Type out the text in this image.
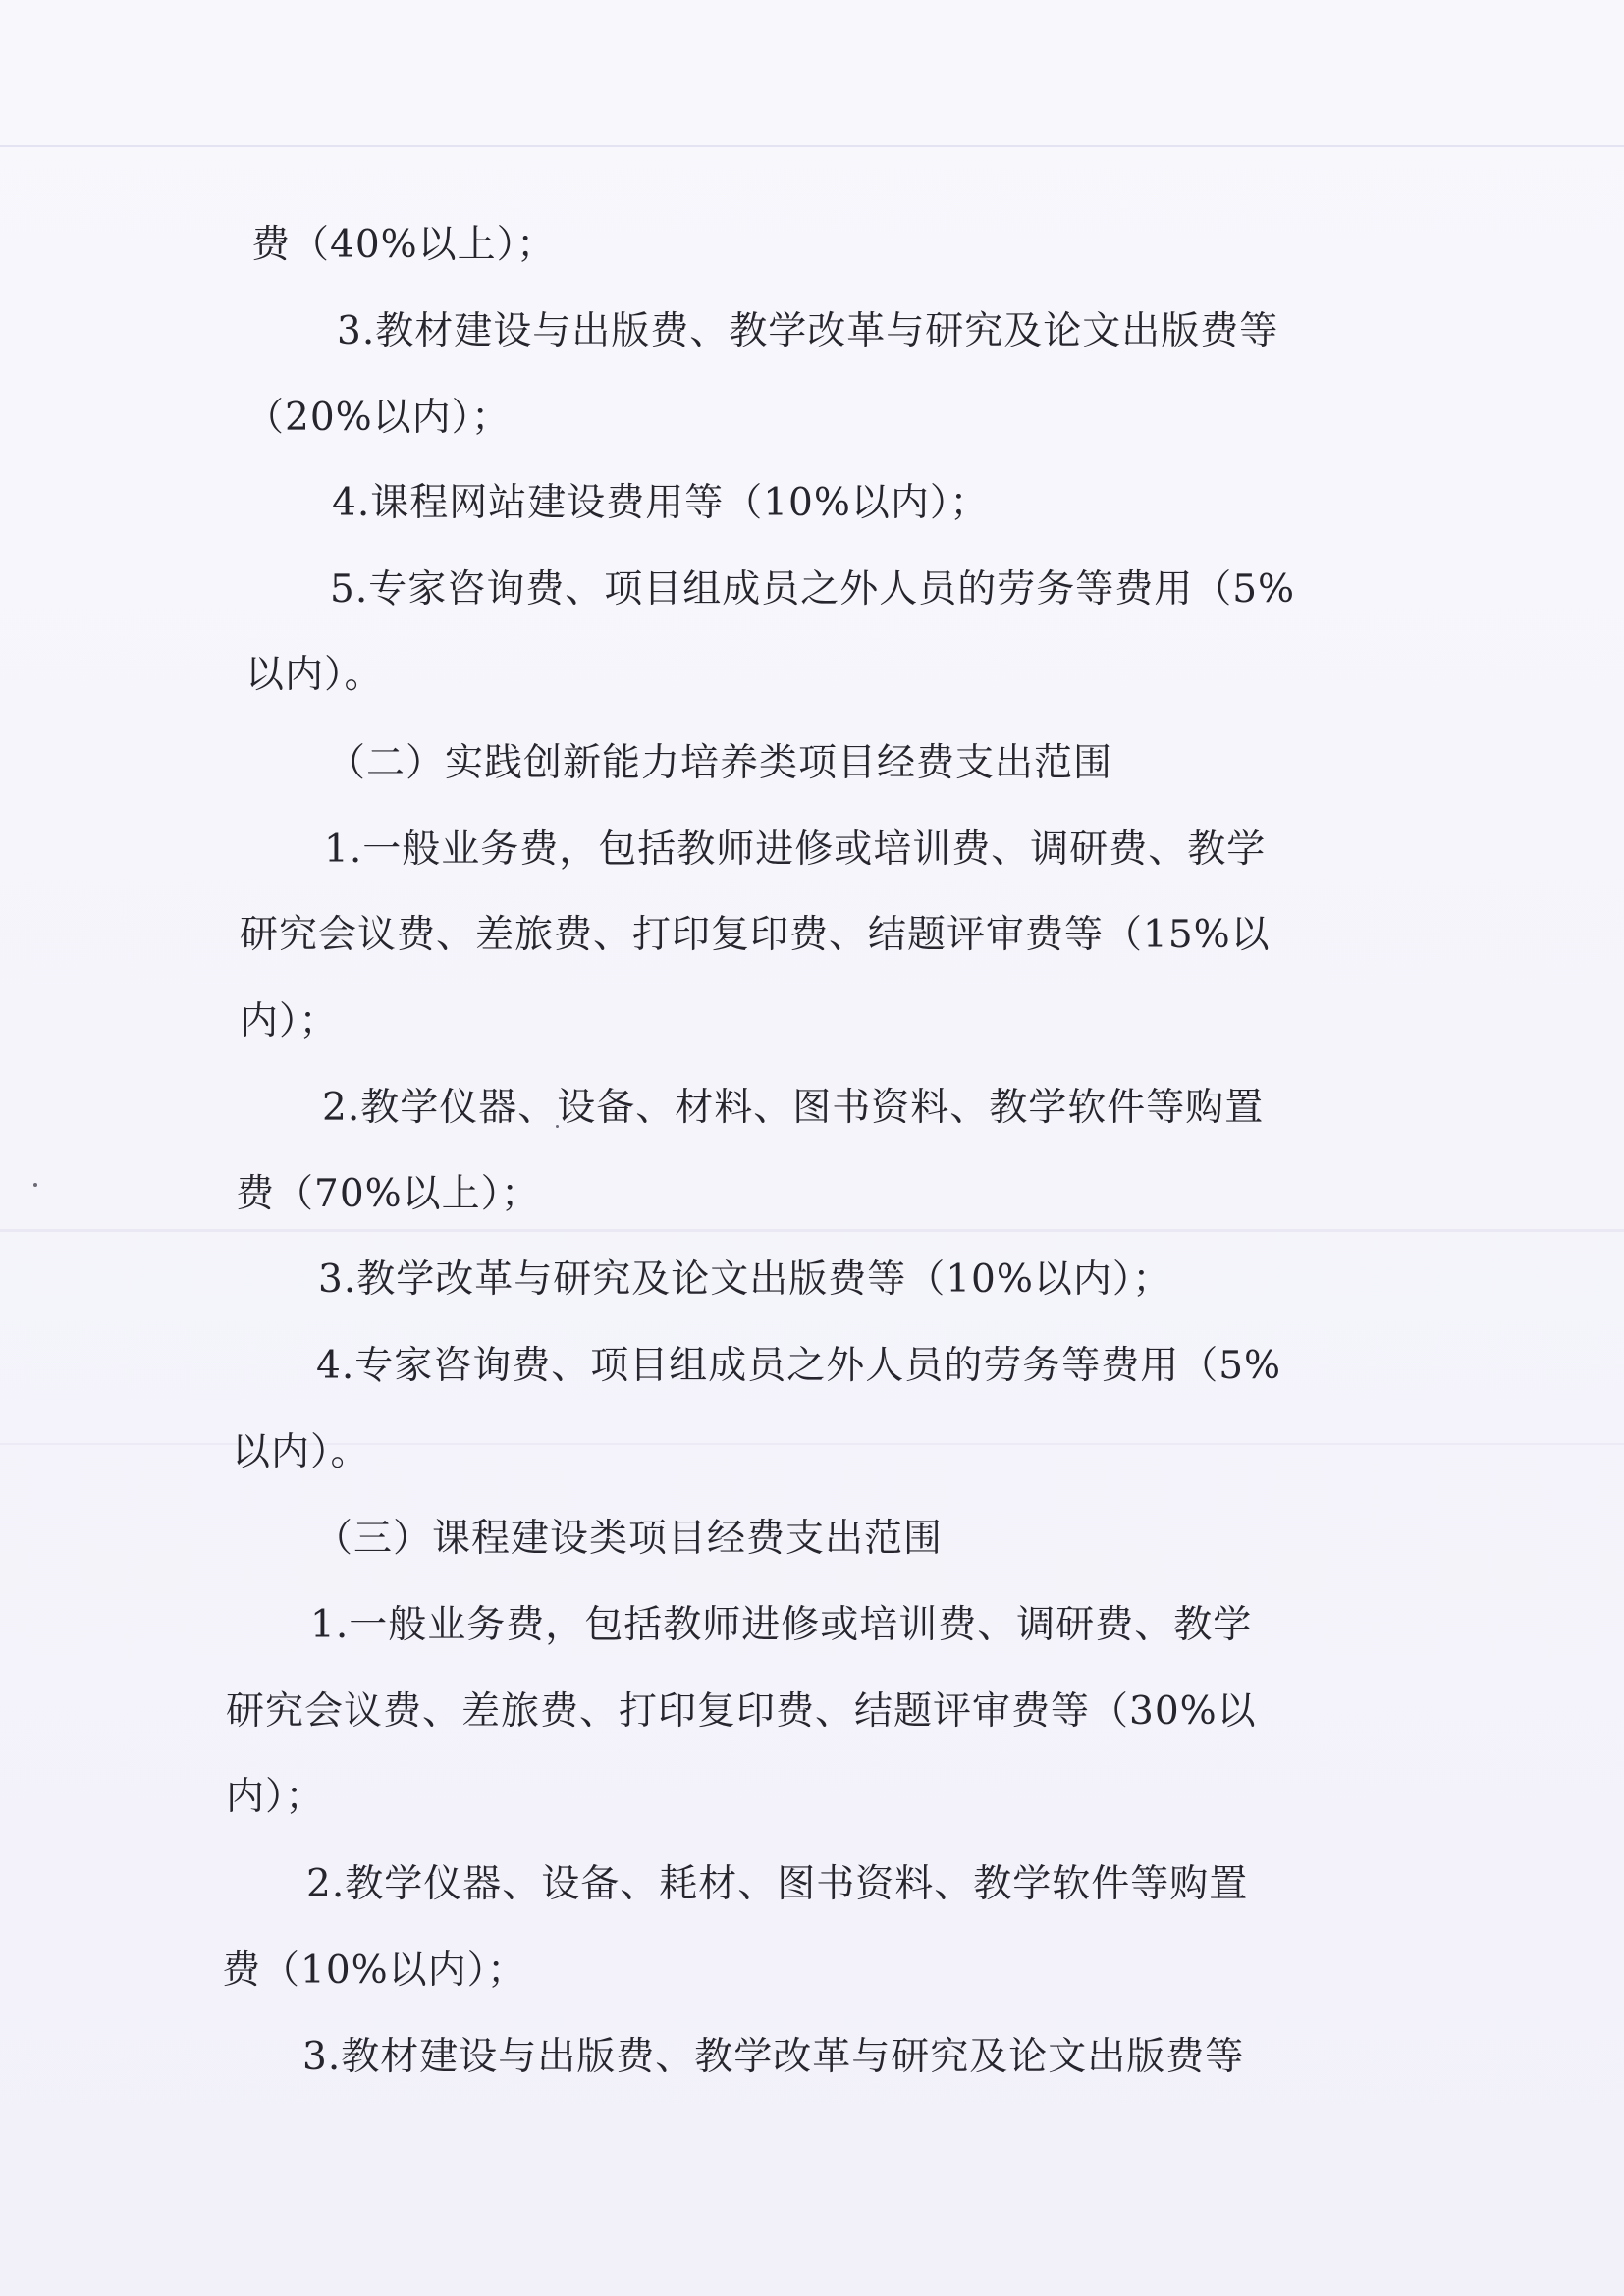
费（40%以上）；
3.教材建设与出版费、教学改革与研究及论文出版费等
（20%以内）；
4.课程网站建设费用等（10%以内）；
5.专家咨询费、项目组成员之外人员的劳务等费用（5%
以内）。
（二）实践创新能力培养类项目经费支出范围
1.一般业务费，包括教师进修或培训费、调研费、教学
研究会议费、差旅费、打印复印费、结题评审费等（15%以
内）；
2.教学仪器、设备、材料、图书资料、教学软件等购置
费（70%以上）；
3.教学改革与研究及论文出版费等（10%以内）；
4.专家咨询费、项目组成员之外人员的劳务等费用（5%
以内）。
（三）课程建设类项目经费支出范围
1.一般业务费，包括教师进修或培训费、调研费、教学
研究会议费、差旅费、打印复印费、结题评审费等（30%以
内）；
2.教学仪器、设备、耗材、图书资料、教学软件等购置
费（10%以内）；
3.教材建设与出版费、教学改革与研究及论文出版费等
